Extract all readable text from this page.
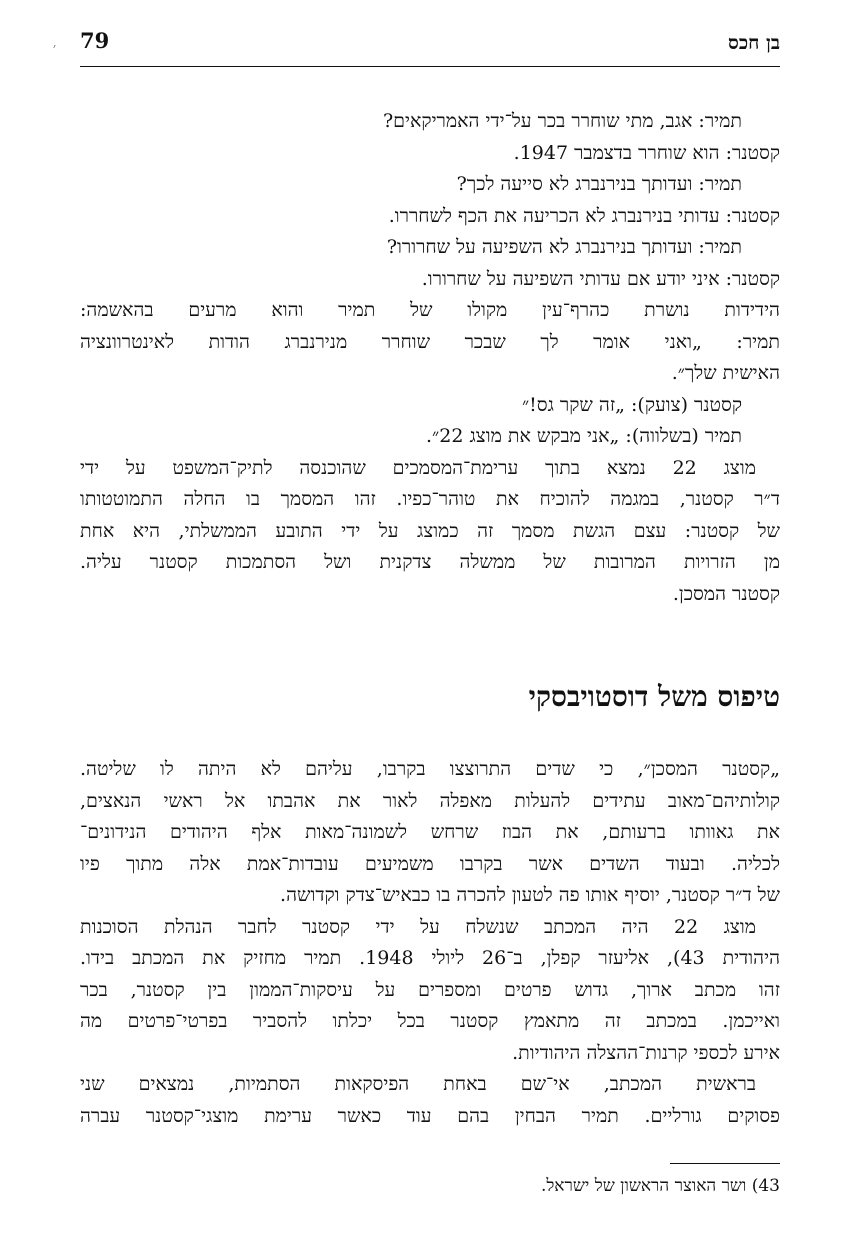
׳ 79	בן חכס
תמיר: אגב, מתי שוחרר בכר על־ידי האמריקאים?
קסטנר: הוא שוחרר בדצמבר 1947.
תמיר: ועדותך בנירנברג לא סייעה לכך?
קסטנר: עדותי בנירנברג לא הכריעה את הכף לשחררו.
תמיר: ועדותך בנירנברג לא השפיעה על שחרורו?
קסטנר: איני יודע אם עדותי השפיעה על שחרורו.
הידידות נושרת כהרף־עין מקולו של תמיר והוא מרעים בהאשמה:
תמיר: „ואני אומר לך שבכר שוחרר מנירנברג הודות לאינטרוונציה
האישית שלך״.
קסטנר (צועק): „זה שקר גס!״
תמיר (בשלווה): „אני מבקש את מוצג 22״.
מוצג 22 נמצא בתוך ערימת־המסמכים שהוכנסה לתיק־המשפט על ידי
ד״ר קסטנר, במגמה להוכיח את טוהר־כפיו. זהו המסמך בו החלה התמוטטותו
של קסטנר: עצם הגשת מסמך זה כמוצג על ידי התובע הממשלתי, היא אחת
מן הזרויות המרובות של ממשלה צדקנית ושל הסתמכות קסטנר עליה.
קסטנר המסכן.
טיפוס משל דוסטויבסקי
„קסטנר המסכן״, כי שדים התרוצצו בקרבו, עליהם לא היתה לו שליטה.
קולותיהם־מאוב עתידים להעלות מאפלה לאור את אהבתו אל ראשי הנאצים,
את גאוותו ברעותם, את הבוז שרחש לשמונה־מאות אלף היהודים הנידונים־
לכליה. ובעוד השדים אשר בקרבו משמיעים עובדות־אמת אלה מתוך פיו
של ד״ר קסטנר, יוסיף אותו פה לטעון להכרה בו כבאיש־צדק וקדושה.
מוצג 22 היה המכתב שנשלח על ידי קסטנר לחבר הנהלת הסוכנות
היהודית 43), אליעזר קפלן, ב־26 ליולי 1948. תמיר מחזיק את המכתב בידו.
זהו מכתב ארוך, גדוש פרטים ומספרים על עיסקות־הממון בין קסטנר, בכר
ואייכמן. במכתב זה מתאמץ קסטנר בכל יכלתו להסביר בפרטי־פרטים מה
אירע לכספי קרנות־ההצלה היהודיות.
בראשית המכתב, אי־שם באחת הפיסקאות הסתמיות, נמצאים שני
פסוקים גורליים. תמיר הבחין בהם עוד כאשר ערימת מוצגי־קסטנר עברה
43) ושר האוצר הראשון של ישראל.
